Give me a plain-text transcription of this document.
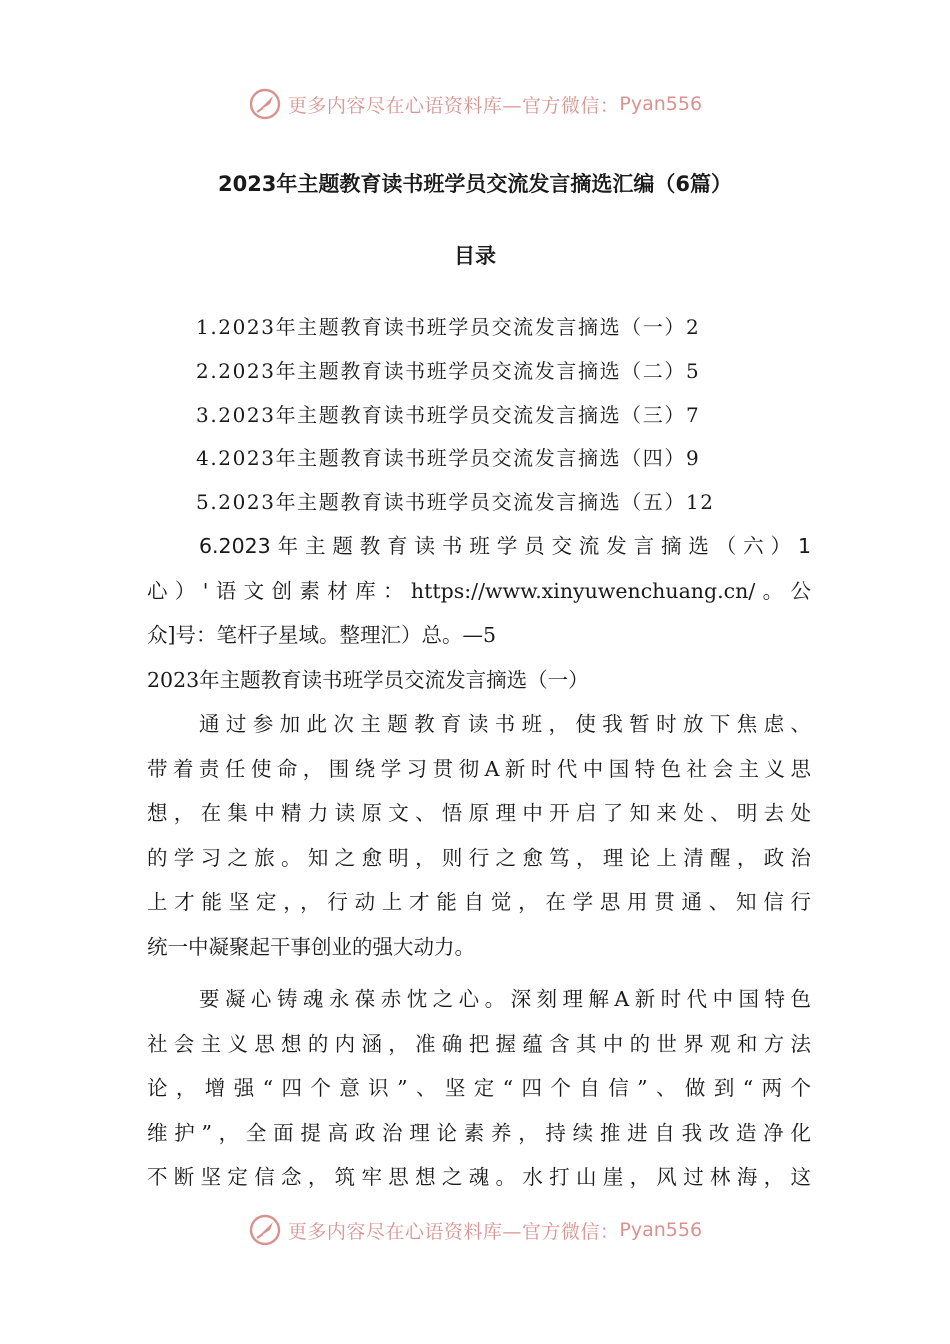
更多内容尽在心语资料库—官方微信： Pyan556
2023年主题教育读书班学员交流发言摘选汇编（6篇）
目录
1.2023年主题教育读书班学员交流发言摘选（一）2
2.2023年主题教育读书班学员交流发言摘选（二）5
3.2023年主题教育读书班学员交流发言摘选（三）7
4.2023年主题教育读书班学员交流发言摘选（四）9
5.2023年主题教育读书班学员交流发言摘选（五）12
6.2023年主题教育读书班学员交流发言摘选（六）1
心）'语文创素材库：https://www.xinyuwenchuang.cn/。公
众]号：笔杆子星域。整理汇）总。—5
2023年主题教育读书班学员交流发言摘选（一）
通过参加此次主题教育读书班，使我暂时放下焦虑、
带着责任使命，围绕学习贯彻A新时代中国特色社会主义思
想，在集中精力读原文、悟原理中开启了知来处、明去处
的学习之旅。知之愈明，则行之愈笃，理论上清醒，政治
上才能坚定，，行动上才能自觉，在学思用贯通、知信行
统一中凝聚起干事创业的强大动力。
要凝心铸魂永葆赤忱之心。深刻理解A新时代中国特色
社会主义思想的内涵，准确把握蕴含其中的世界观和方法
论，增强“四个意识”、坚定“四个自信”、做到“两个
维护”，全面提高政治理论素养，持续推进自我改造净化
不断坚定信念，筑牢思想之魂。水打山崖，风过林海，这
更多内容尽在心语资料库—官方微信： Pyan556
